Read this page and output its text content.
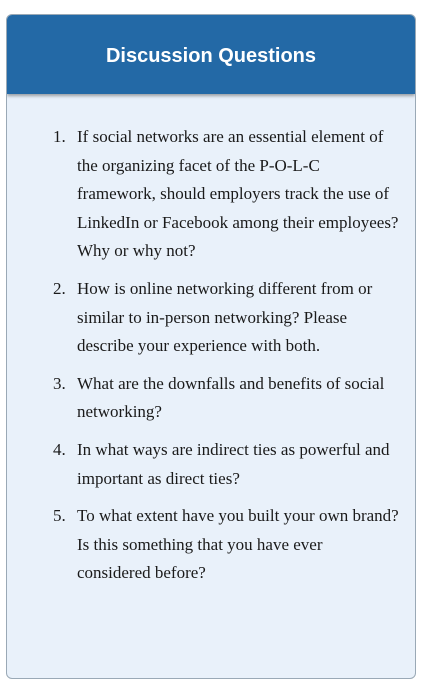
Discussion Questions
1. If social networks are an essential element of the organizing facet of the P-O-L-C framework, should employers track the use of LinkedIn or Facebook among their employees? Why or why not?
2. How is online networking different from or similar to in-person networking? Please describe your experience with both.
3. What are the downfalls and benefits of social networking?
4. In what ways are indirect ties as powerful and important as direct ties?
5. To what extent have you built your own brand? Is this something that you have ever considered before?
